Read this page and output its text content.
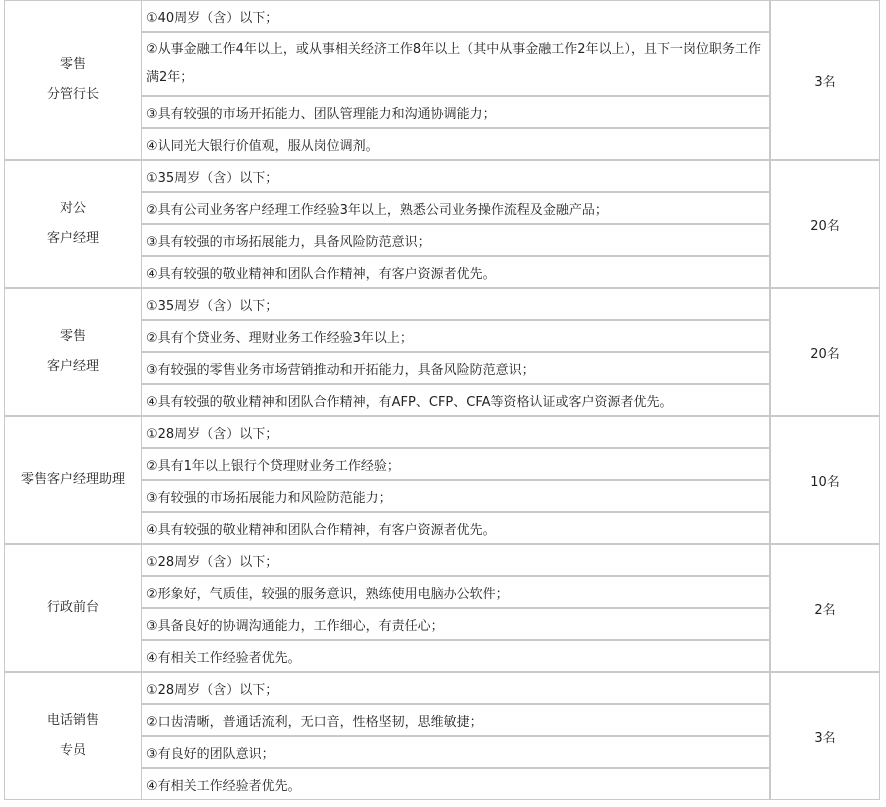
零售
分管行长
①40周岁（含）以下；
②从事金融工作4年以上，或从事相关经济工作8年以上（其中从事金融工作2年以上），且下一岗位职务工作满2年；
③具有较强的市场开拓能力、团队管理能力和沟通协调能力；
④认同光大银行价值观，服从岗位调剂。
3名
对公
客户经理
①35周岁（含）以下；
②具有公司业务客户经理工作经验3年以上，熟悉公司业务操作流程及金融产品；
③具有较强的市场拓展能力，具备风险防范意识；
④具有较强的敬业精神和团队合作精神，有客户资源者优先。
20名
零售
客户经理
①35周岁（含）以下；
②具有个贷业务、理财业务工作经验3年以上；
③有较强的零售业务市场营销推动和开拓能力，具备风险防范意识；
④具有较强的敬业精神和团队合作精神，有AFP、CFP、CFA等资格认证或客户资源者优先。
20名
零售客户经理助理
①28周岁（含）以下；
②具有1年以上银行个贷理财业务工作经验；
③有较强的市场拓展能力和风险防范能力；
④具有较强的敬业精神和团队合作精神，有客户资源者优先。
10名
行政前台
①28周岁（含）以下；
②形象好，气质佳，较强的服务意识，熟练使用电脑办公软件；
③具备良好的协调沟通能力，工作细心，有责任心；
④有相关工作经验者优先。
2名
电话销售
专员
①28周岁（含）以下；
②口齿清晰，普通话流利，无口音，性格坚韧，思维敏捷；
③有良好的团队意识；
④有相关工作经验者优先。
3名
